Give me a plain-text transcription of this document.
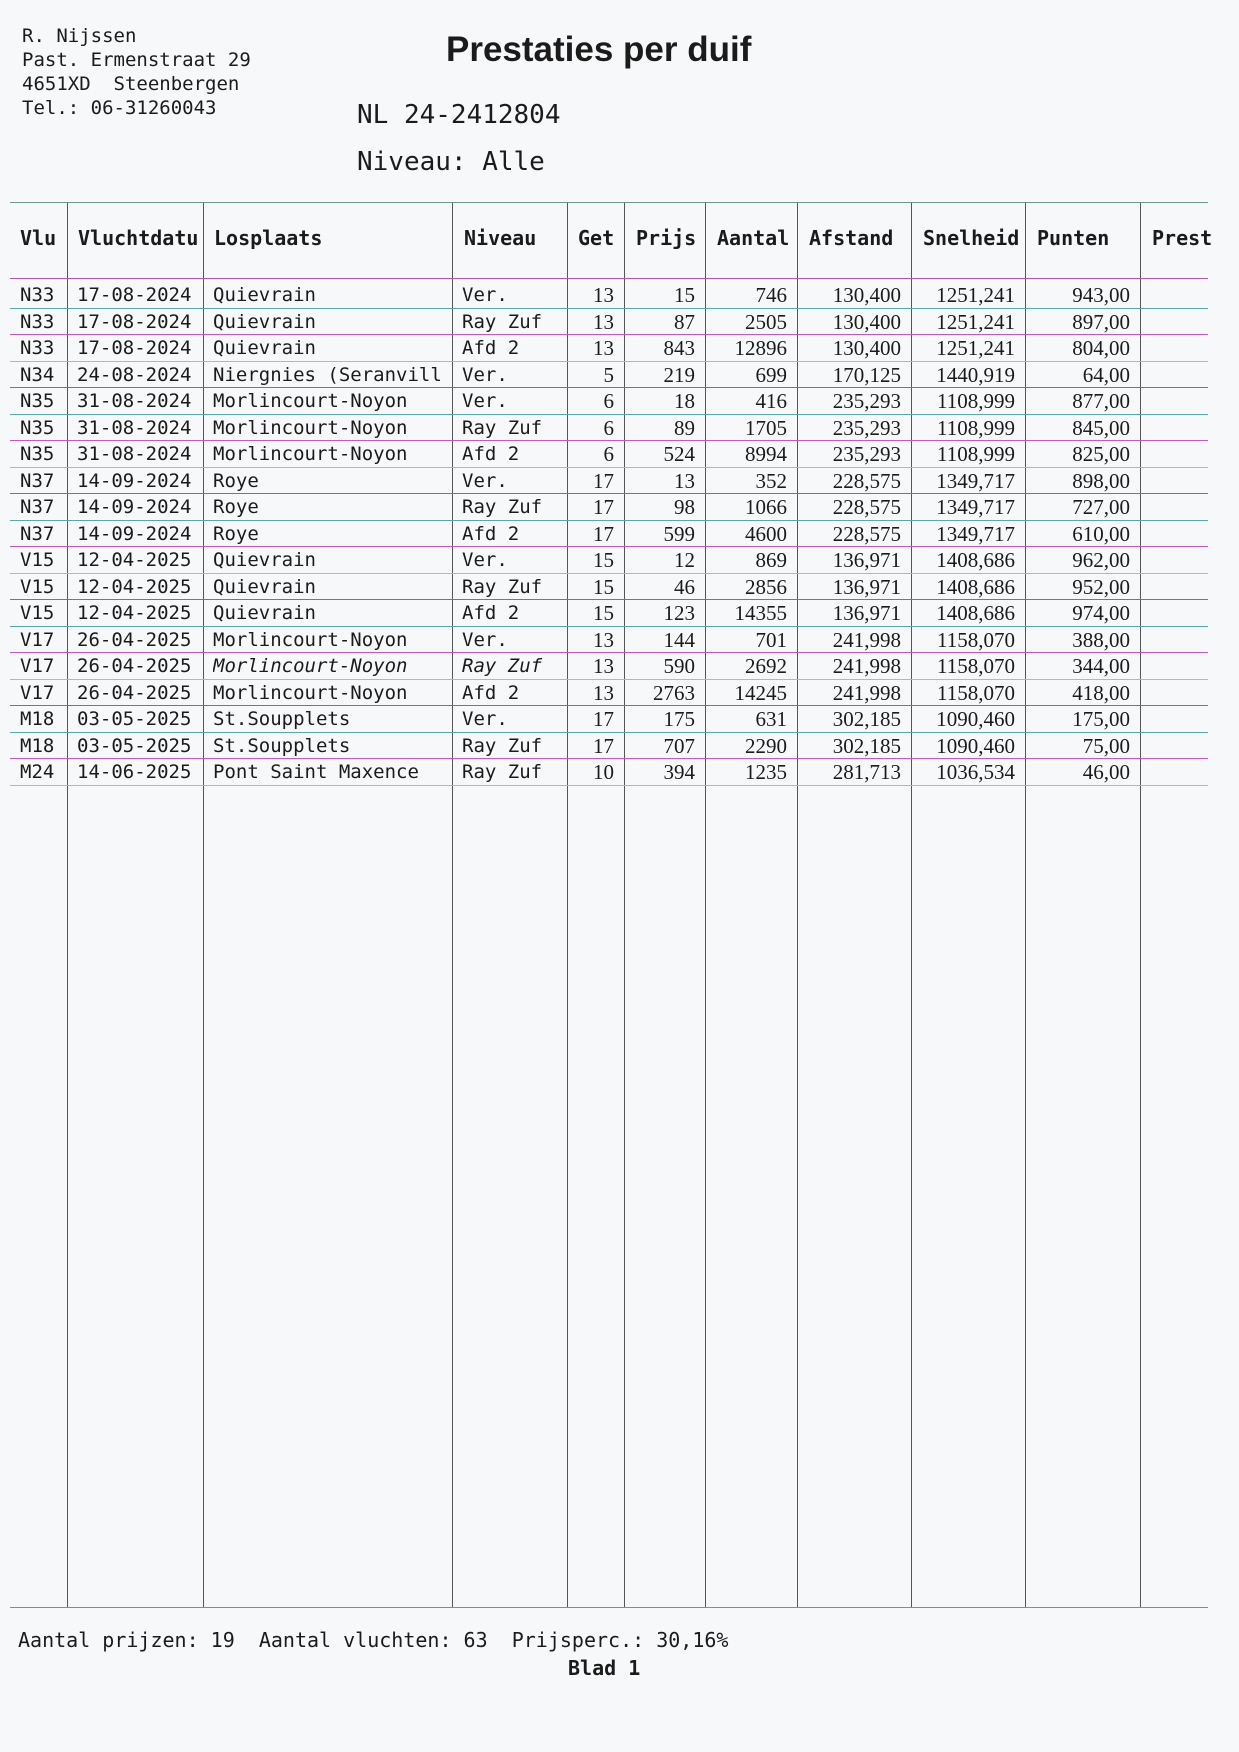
R. Nijssen
Past. Ermenstraat 29
4651XD  Steenbergen
Tel.: 06-31260043
Prestaties per duif
NL 24-2412804
Niveau: Alle
Vlu Vluchtdatu Losplaats	Niveau Get Prijs Aantal Afstand Snelheid Punten Prest
N33	17-08-2024	Quievrain	Ver.	13	15	746	130,400	1251,241	943,00
N33	17-08-2024	Quievrain	Ray Zuf	13	87	2505	130,400	1251,241	897,00
N33	17-08-2024	Quievrain	Afd 2	13	843	12896	130,400	1251,241	804,00
N34	24-08-2024	Niergnies (Seranvill	Ver.	5	219	699	170,125	1440,919	64,00
N35	31-08-2024	Morlincourt-Noyon	Ver.	6	18	416	235,293	1108,999	877,00
N35	31-08-2024	Morlincourt-Noyon	Ray Zuf	6	89	1705	235,293	1108,999	845,00
N35	31-08-2024	Morlincourt-Noyon	Afd 2	6	524	8994	235,293	1108,999	825,00
N37	14-09-2024	Roye	Ver.	17	13	352	228,575	1349,717	898,00
N37	14-09-2024	Roye	Ray Zuf	17	98	1066	228,575	1349,717	727,00
N37	14-09-2024	Roye	Afd 2	17	599	4600	228,575	1349,717	610,00
V15	12-04-2025	Quievrain	Ver.	15	12	869	136,971	1408,686	962,00
V15	12-04-2025	Quievrain	Ray Zuf	15	46	2856	136,971	1408,686	952,00
V15	12-04-2025	Quievrain	Afd 2	15	123	14355	136,971	1408,686	974,00
V17	26-04-2025	Morlincourt-Noyon	Ver.	13	144	701	241,998	1158,070	388,00
V17	26-04-2025	Morlincourt-Noyon	Ray Zuf	13	590	2692	241,998	1158,070	344,00
V17	26-04-2025	Morlincourt-Noyon	Afd 2	13	2763	14245	241,998	1158,070	418,00
M18	03-05-2025	St.Soupplets	Ver.	17	175	631	302,185	1090,460	175,00
M18	03-05-2025	St.Soupplets	Ray Zuf	17	707	2290	302,185	1090,460	75,00
M24	14-06-2025	Pont Saint Maxence	Ray Zuf	10	394	1235	281,713	1036,534	46,00
Aantal prijzen: 19 Aantal vluchten: 63 Prijsperc.: 30,16%
Blad 1
